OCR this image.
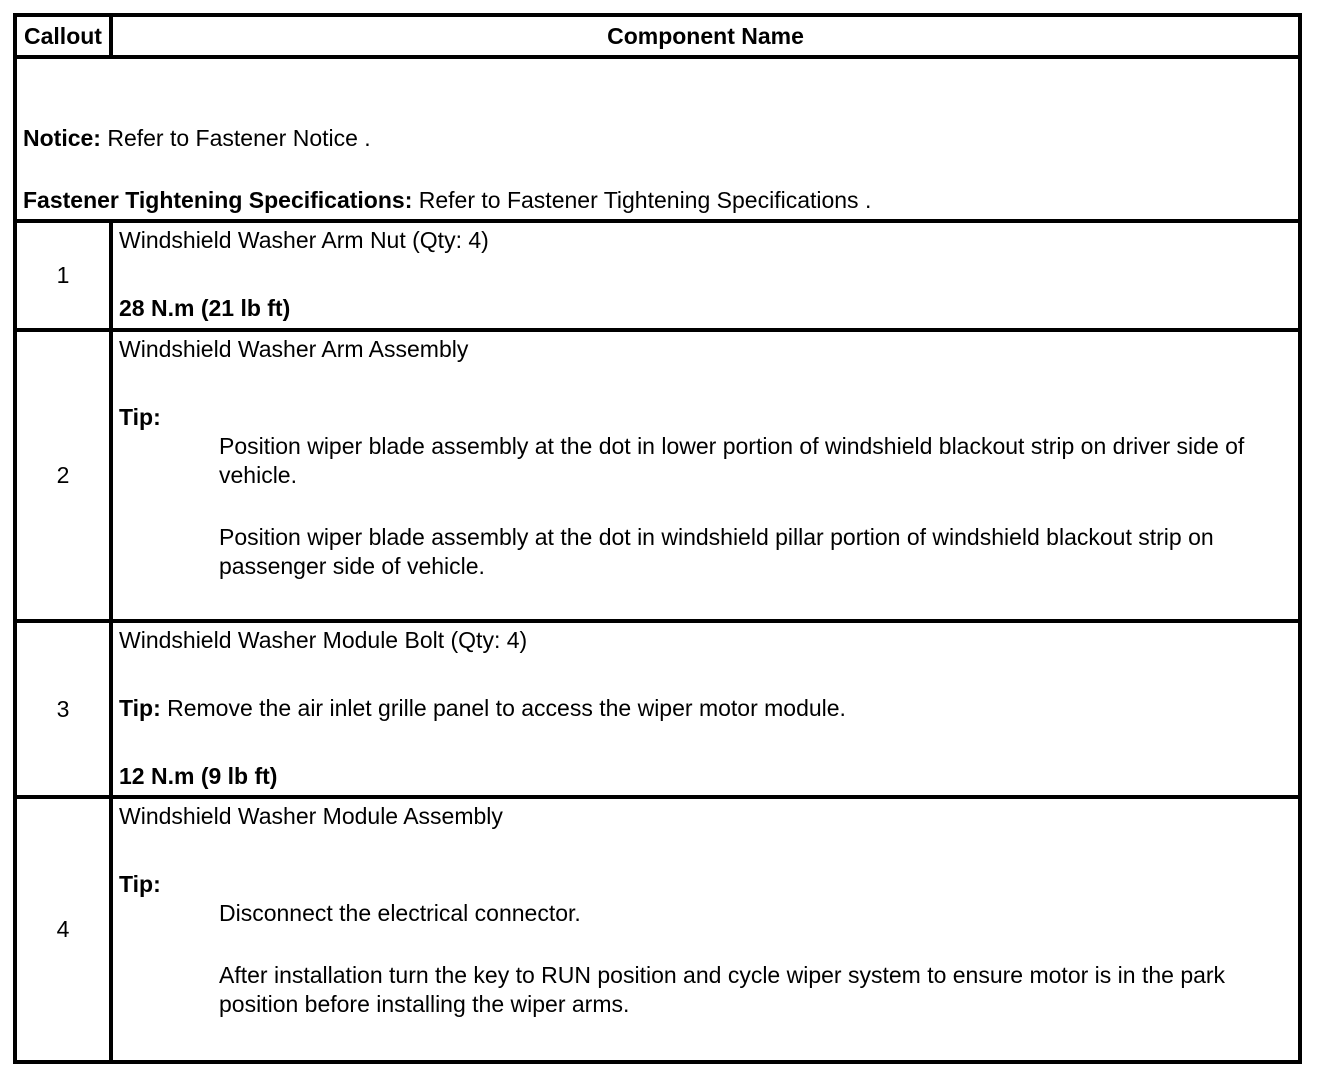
Callout	Component Name

Notice: Refer to Fastener Notice .
Fastener Tightening Specifications: Refer to Fastener Tightening Specifications .	

1	Windshield Washer Arm Nut (Qty: 4)
28 N.m (21 lb ft)

2	Windshield Washer Arm Assembly
Tip:

Position wiper blade assembly at the dot in lower portion of windshield blackout strip on driver side of vehicle.

Position wiper blade assembly at the dot in windshield pillar portion of windshield blackout strip on passenger side of vehicle.

3	Windshield Washer Module Bolt (Qty: 4)
Tip: Remove the air inlet grille panel to access the wiper motor module.
12 N.m (9 lb ft)

4	Windshield Washer Module Assembly
Tip:

Disconnect the electrical connector.

After installation turn the key to RUN position and cycle wiper system to ensure motor is in the park position before installing the wiper arms.
